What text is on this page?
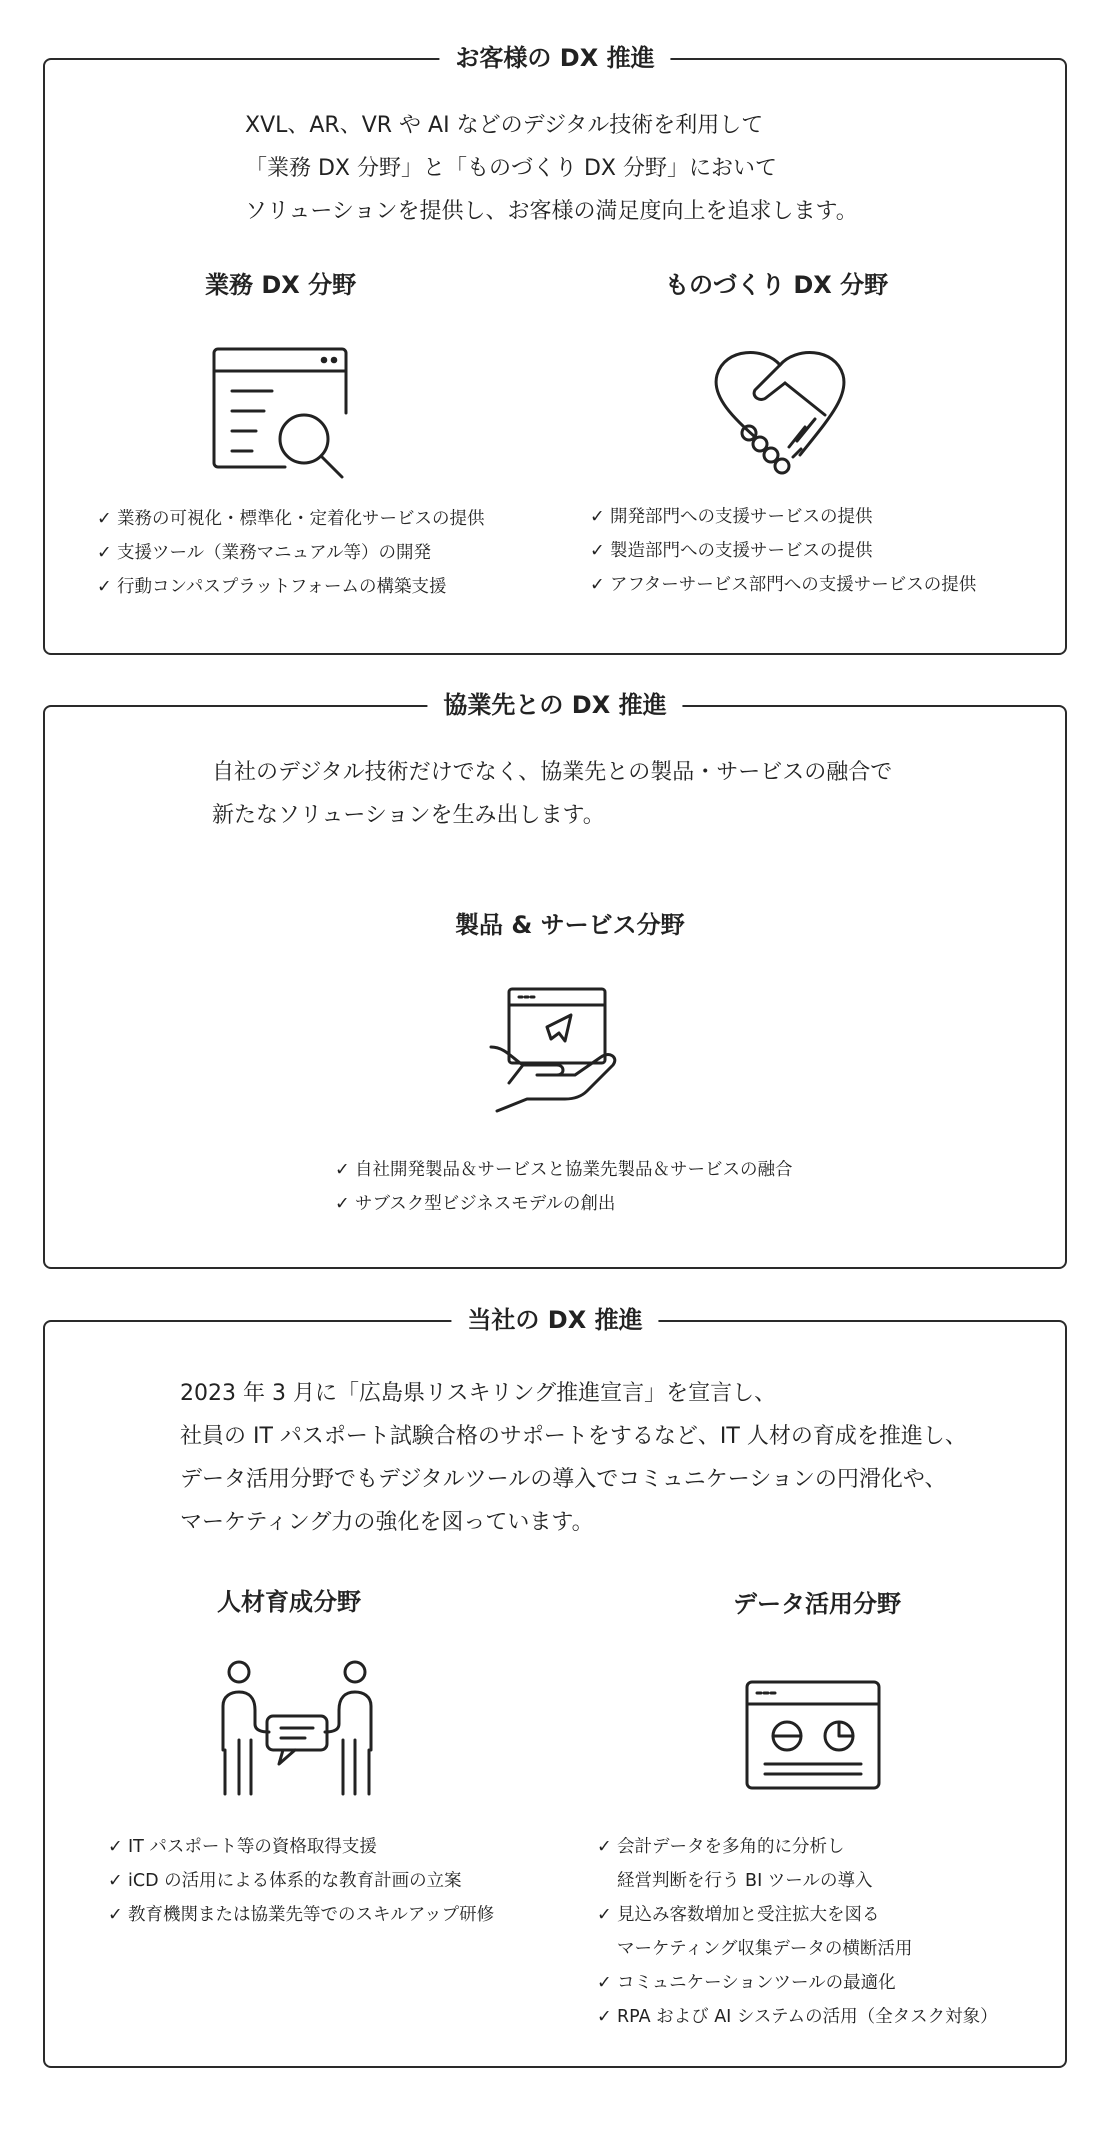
お客様の DX 推進
XVL、AR、VR や AI などのデジタル技術を利用して
「業務 DX 分野」と「ものづくり DX 分野」において
ソリューションを提供し、お客様の満足度向上を追求します。
業務 DX 分野	ものづくり DX 分野
✓ 業務の可視化・標準化・定着化サービスの提供
✓ 支援ツール（業務マニュアル等）の開発
✓ 行動コンパスプラットフォームの構築支援
✓ 開発部門への支援サービスの提供
✓ 製造部門への支援サービスの提供
✓ アフターサービス部門への支援サービスの提供
協業先との DX 推進
自社のデジタル技術だけでなく、協業先との製品・サービスの融合で
新たなソリューションを生み出します。
製品 & サービス分野
✓ 自社開発製品＆サービスと協業先製品＆サービスの融合
✓ サブスク型ビジネスモデルの創出
当社の DX 推進
2023 年 3 月に「広島県リスキリング推進宣言」を宣言し、
社員の IT パスポート試験合格のサポートをするなど、IT 人材の育成を推進し、
データ活用分野でもデジタルツールの導入でコミュニケーションの円滑化や、
マーケティング力の強化を図っています。
人材育成分野	データ活用分野
✓ IT パスポート等の資格取得支援
✓ iCD の活用による体系的な教育計画の立案
✓ 教育機関または協業先等でのスキルアップ研修
✓ 会計データを多角的に分析し
経営判断を行う BI ツールの導入
✓ 見込み客数増加と受注拡大を図る
マーケティング収集データの横断活用
✓ コミュニケーションツールの最適化
✓ RPA および AI システムの活用（全タスク対象）
